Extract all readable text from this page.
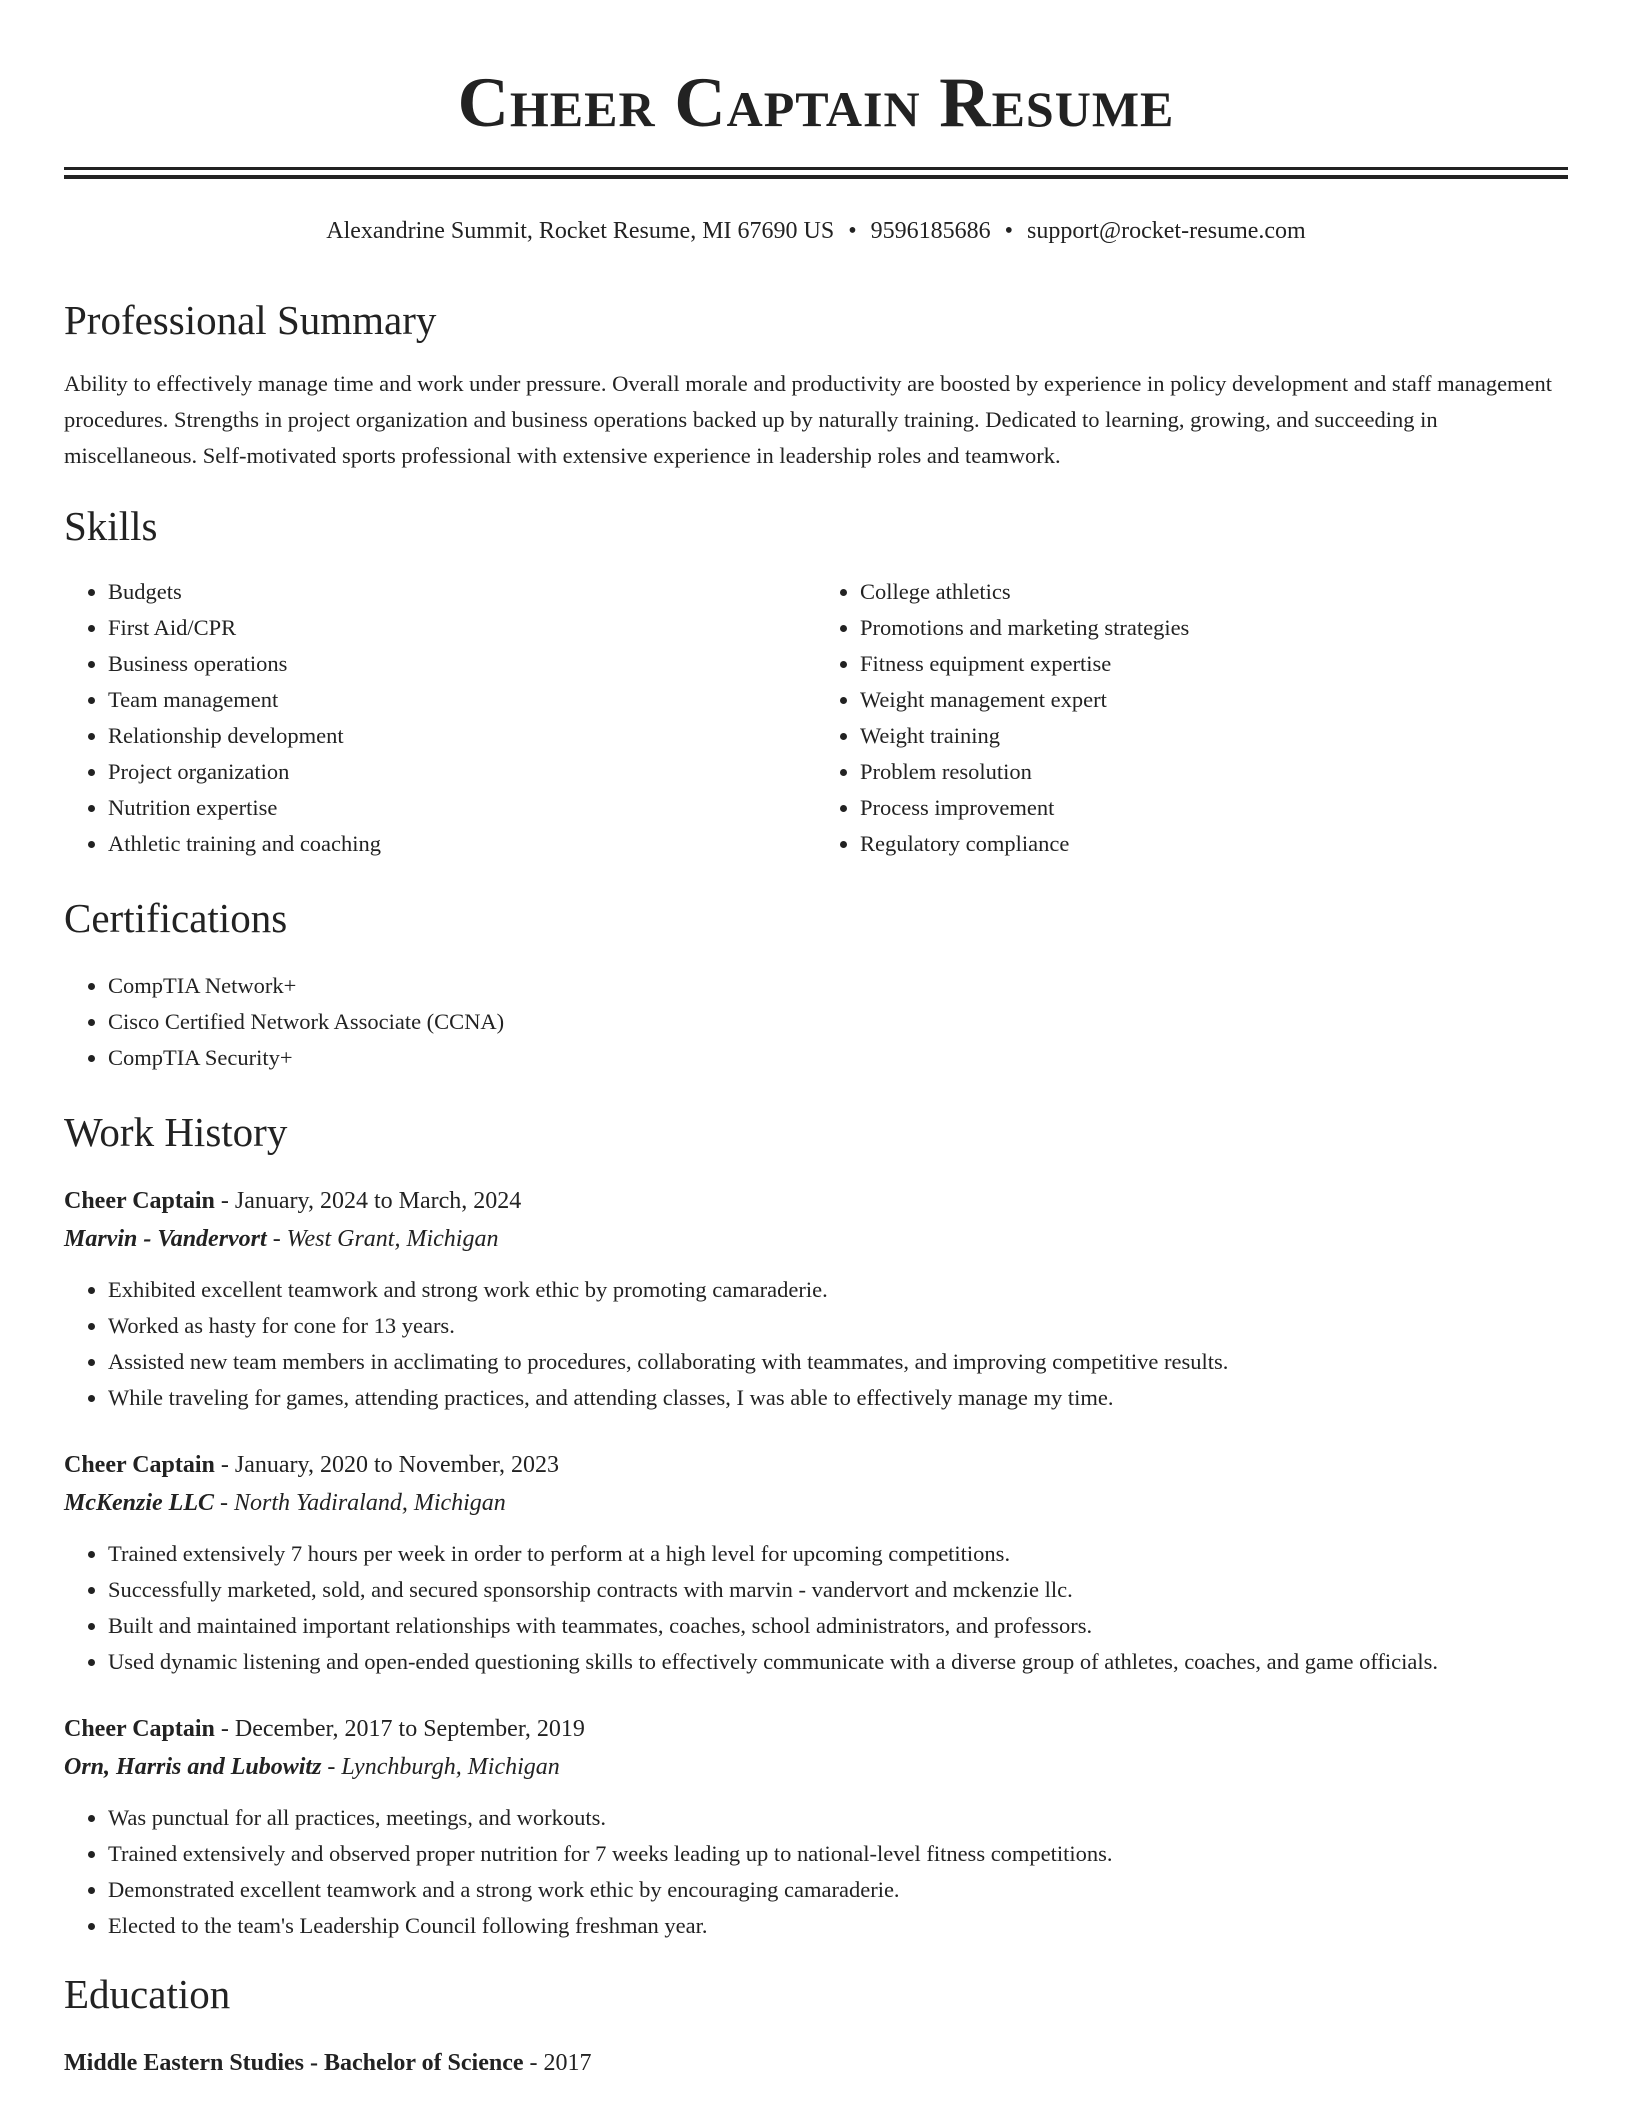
Cheer Captain Resume
Alexandrine Summit, Rocket Resume, MI 67690 US • 9596185686 • support@rocket-resume.com
Professional Summary

Ability to effectively manage time and work under pressure. Overall morale and productivity are boosted by experience in policy development and staff management procedures. Strengths in project organization and business operations backed up by naturally training. Dedicated to learning, growing, and succeeding in miscellaneous. Self-motivated sports professional with extensive experience in leadership roles and teamwork.

Skills
• Budgets
• First Aid/CPR
• Business operations
• Team management
• Relationship development
• Project organization
• Nutrition expertise
• Athletic training and coaching
• College athletics
• Promotions and marketing strategies
• Fitness equipment expertise
• Weight management expert
• Weight training
• Problem resolution
• Process improvement
• Regulatory compliance
Certifications
• CompTIA Network+
• Cisco Certified Network Associate (CCNA)
• CompTIA Security+
Work History
Cheer Captain - January, 2024 to March, 2024
Marvin - Vandervort - West Grant, Michigan
• Exhibited excellent teamwork and strong work ethic by promoting camaraderie.
• Worked as hasty for cone for 13 years.
• Assisted new team members in acclimating to procedures, collaborating with teammates, and improving competitive results.
• While traveling for games, attending practices, and attending classes, I was able to effectively manage my time.
Cheer Captain - January, 2020 to November, 2023
McKenzie LLC - North Yadiraland, Michigan
• Trained extensively 7 hours per week in order to perform at a high level for upcoming competitions.
• Successfully marketed, sold, and secured sponsorship contracts with marvin - vandervort and mckenzie llc.
• Built and maintained important relationships with teammates, coaches, school administrators, and professors.
• Used dynamic listening and open-ended questioning skills to effectively communicate with a diverse group of athletes, coaches, and game officials.
Cheer Captain - December, 2017 to September, 2019
Orn, Harris and Lubowitz - Lynchburgh, Michigan
• Was punctual for all practices, meetings, and workouts.
• Trained extensively and observed proper nutrition for 7 weeks leading up to national-level fitness competitions.
• Demonstrated excellent teamwork and a strong work ethic by encouraging camaraderie.
• Elected to the team's Leadership Council following freshman year.
Education
Middle Eastern Studies - Bachelor of Science - 2017
